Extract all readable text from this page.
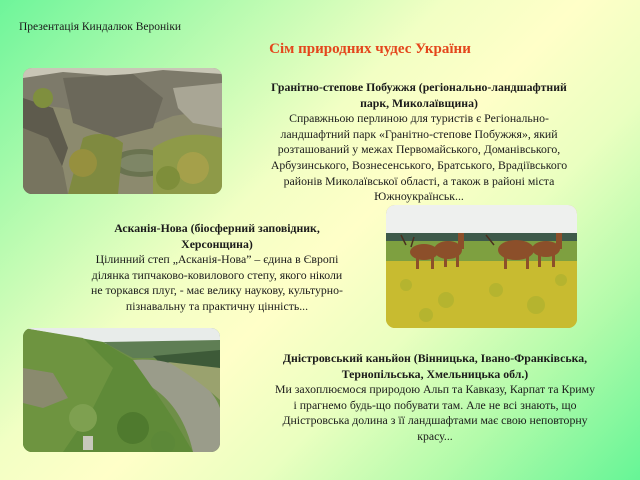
Презентація Киндалюк Вероніки
Сім природних чудес України
Гранітно-степове Побужжя (регіонально-ландшафтний парк, Миколаївщина)
Справжньою перлиною для туристів є Регіонально-ландшафтний парк «Гранітно-степове Побужжя», який розташований у межах Первомайського, Доманівського, Арбузинського, Вознесенського, Братського, Врадіївського районів Миколаївської області, а також в районі міста Южноукраїнськ...
Асканія-Нова (біосферний заповідник, Херсонщина)
Цілинний степ „Асканія-Нова” – єдина в Європі ділянка типчаково-ковилового степу, якого ніколи не торкався плуг, - має велику наукову, культурно-пізнавальну та практичну цінність...
Дністровський каньйон (Вінницька, Івано-Франківська, Тернопільська, Хмельницька обл.)
Ми захоплюємося природою Альп та Кавказу, Карпат та Криму і прагнемо будь-що побувати там. Але не всі знають, що Дністровська долина з її ландшафтами має свою неповторну красу...
